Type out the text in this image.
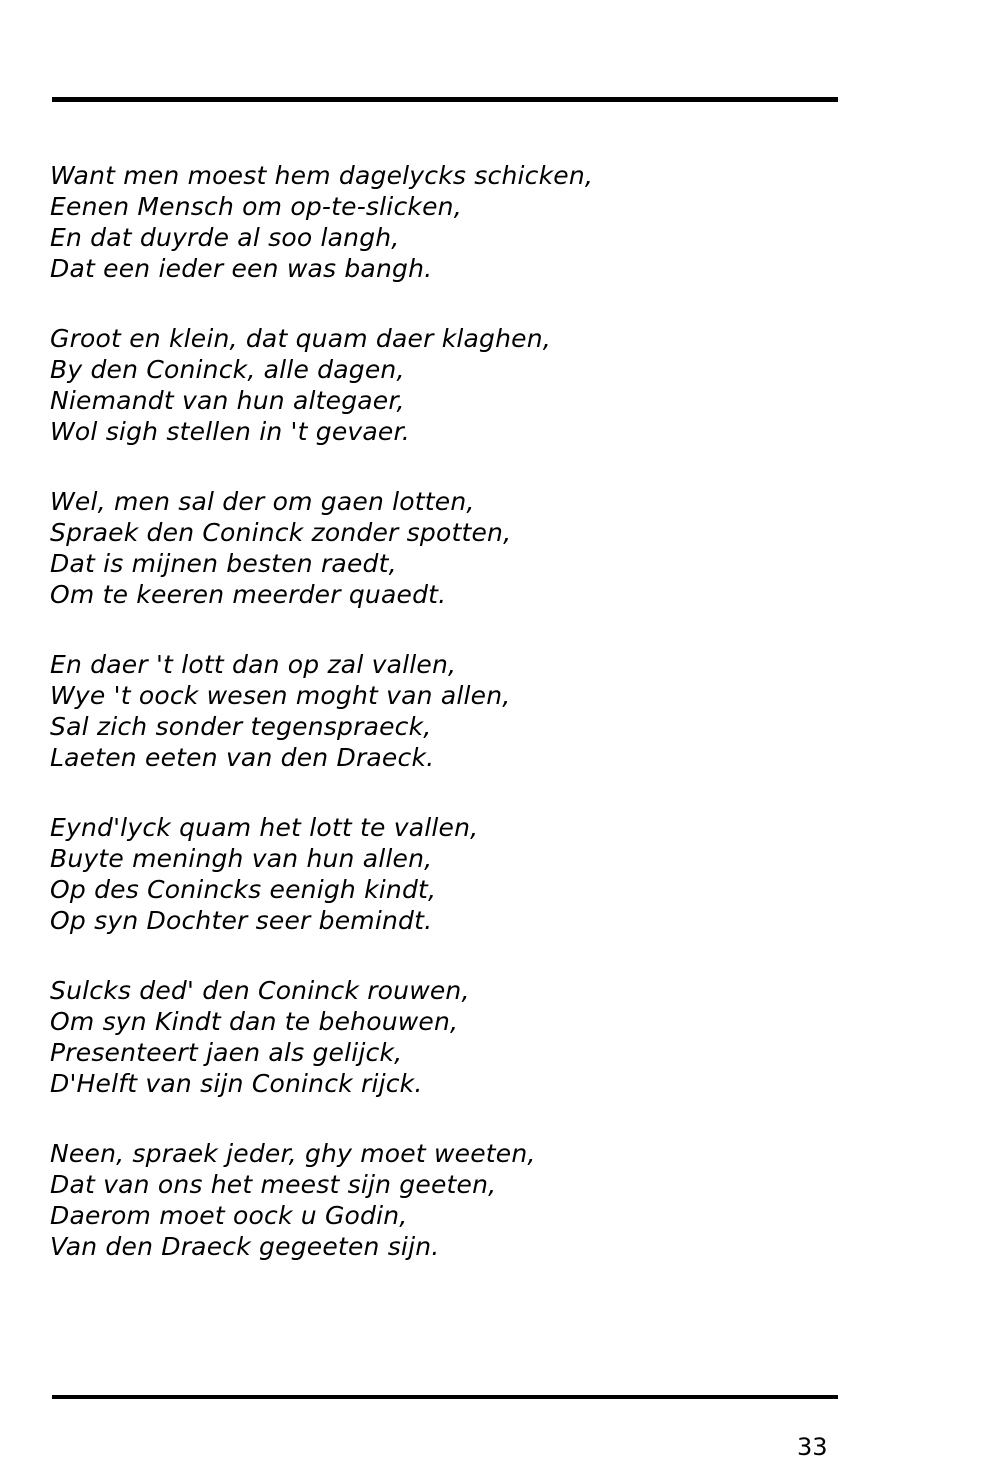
Want men moest hem dagelycks schicken,
Eenen Mensch om op-te-slicken,
En dat duyrde al soo langh,
Dat een ieder een was bangh.
Groot en klein, dat quam daer klaghen,
By den Coninck, alle dagen,
Niemandt van hun altegaer,
Wol sigh stellen in 't gevaer.
Wel, men sal der om gaen lotten,
Spraek den Coninck zonder spotten,
Dat is mijnen besten raedt,
Om te keeren meerder quaedt.
En daer 't lott dan op zal vallen,
Wye 't oock wesen moght van allen,
Sal zich sonder tegenspraeck,
Laeten eeten van den Draeck.
Eynd'lyck quam het lott te vallen,
Buyte meningh van hun allen,
Op des Conincks eenigh kindt,
Op syn Dochter seer bemindt.
Sulcks ded' den Coninck rouwen,
Om syn Kindt dan te behouwen,
Presenteert jaen als gelijck,
D'Helft van sijn Coninck rijck.
Neen, spraek jeder, ghy moet weeten,
Dat van ons het meest sijn geeten,
Daerom moet oock u Godin,
Van den Draeck gegeeten sijn.
33
